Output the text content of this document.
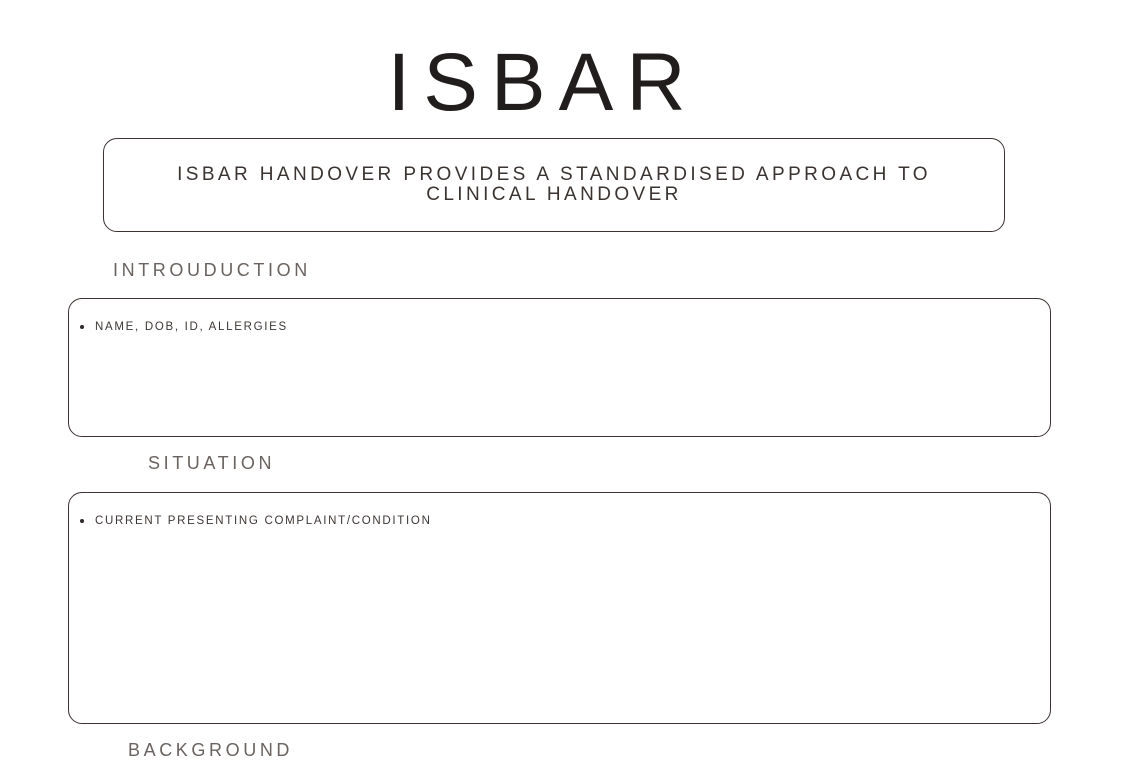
ISBAR
ISBAR HANDOVER PROVIDES A STANDARDISED APPROACH TO CLINICAL HANDOVER
INTROUDUCTION
NAME, DOB, ID, ALLERGIES
SITUATION
CURRENT PRESENTING COMPLAINT/CONDITION
BACKGROUND
